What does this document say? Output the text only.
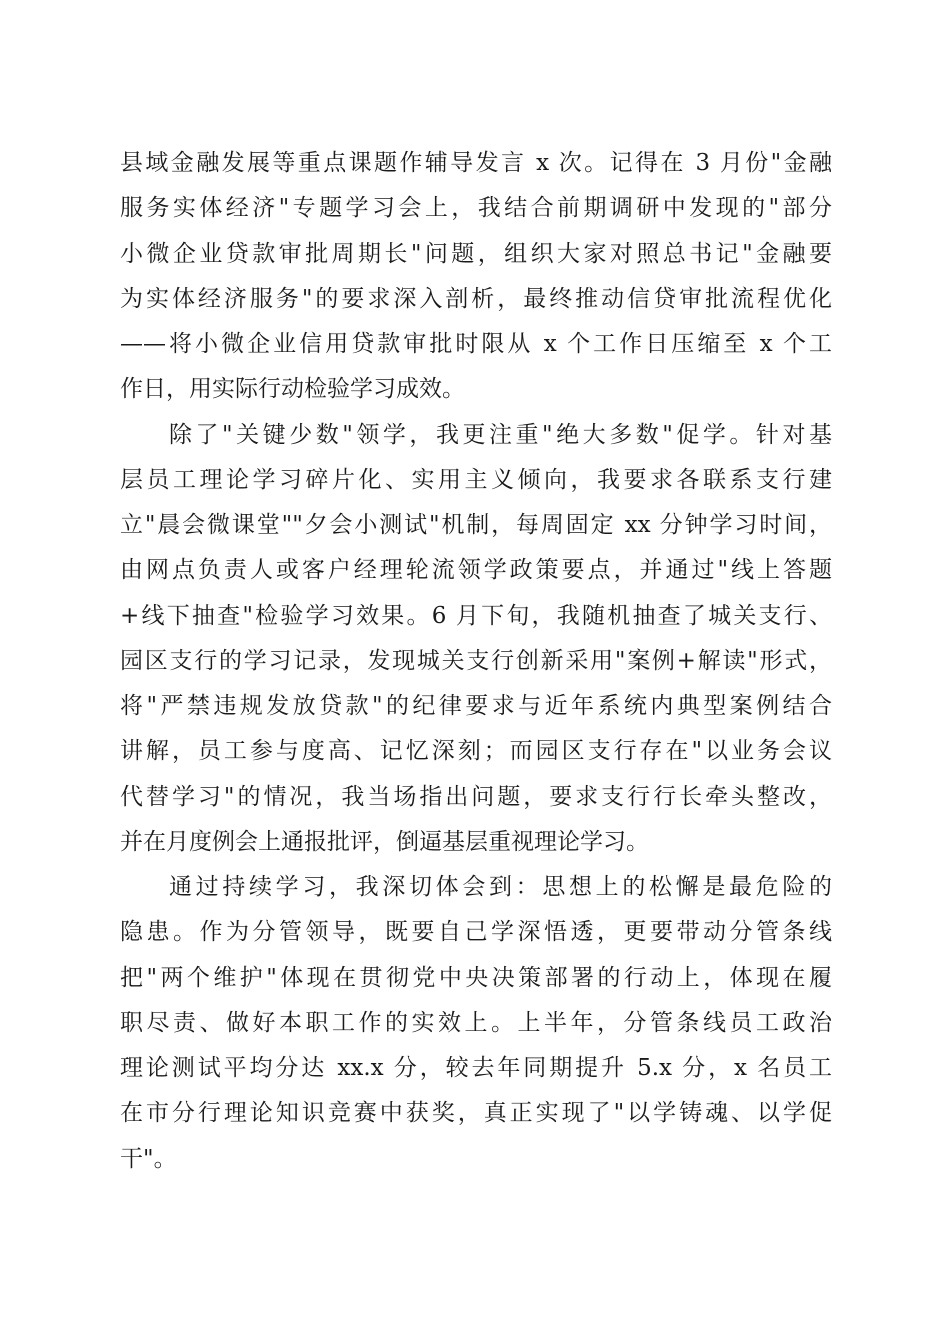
县域金融发展等重点课题作辅导发言 x 次。记得在 3 月份"金融
服务实体经济"专题学习会上，我结合前期调研中发现的"部分
小微企业贷款审批周期长"问题，组织大家对照总书记"金融要
为实体经济服务"的要求深入剖析，最终推动信贷审批流程优化
——将小微企业信用贷款审批时限从 x 个工作日压缩至 x 个工
作日，用实际行动检验学习成效。
除了"关键少数"领学，我更注重"绝大多数"促学。针对基
层员工理论学习碎片化、实用主义倾向，我要求各联系支行建
立"晨会微课堂""夕会小测试"机制，每周固定 xx 分钟学习时间，
由网点负责人或客户经理轮流领学政策要点，并通过"线上答题
+线下抽查"检验学习效果。6 月下旬，我随机抽查了城关支行、
园区支行的学习记录，发现城关支行创新采用"案例+解读"形式，
将"严禁违规发放贷款"的纪律要求与近年系统内典型案例结合
讲解，员工参与度高、记忆深刻；而园区支行存在"以业务会议
代替学习"的情况，我当场指出问题，要求支行行长牵头整改，
并在月度例会上通报批评，倒逼基层重视理论学习。
通过持续学习，我深切体会到：思想上的松懈是最危险的
隐患。作为分管领导，既要自己学深悟透，更要带动分管条线
把"两个维护"体现在贯彻党中央决策部署的行动上，体现在履
职尽责、做好本职工作的实效上。上半年，分管条线员工政治
理论测试平均分达 xx.x 分，较去年同期提升 5.x 分，x 名员工
在市分行理论知识竞赛中获奖，真正实现了"以学铸魂、以学促
干"。
